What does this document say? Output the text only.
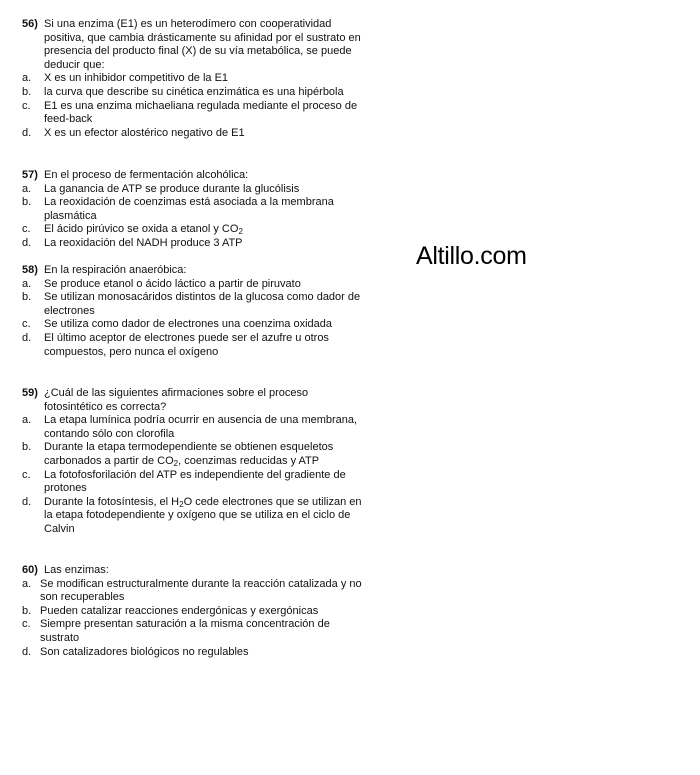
56) Si una enzima (E1) es un heterodímero con cooperatividad positiva, que cambia drásticamente su afinidad por el sustrato en presencia del producto final (X) de su vía metabólica, se puede deducir que:
a.	X es un inhibidor competitivo de la E1
b.	la curva que describe su cinética enzimática es una hipérbola
c.	E1 es una enzima michaeliana regulada mediante el proceso de feed-back
d.	X es un efector alostérico negativo de E1
57) En el proceso de fermentación alcohólica:
a.	La ganancia de ATP se produce durante la glucólisis
b.	La reoxidación de coenzimas está asociada a la membrana plasmática
c.	El ácido pirúvico se oxida a etanol y $CO_2$
d.	La reoxidación del NADH produce 3 ATP
58) En la respiración anaeróbica:
a.	Se produce etanol o ácido láctico a partir de piruvato
b.	Se utilizan monosacáridos distintos de la glucosa como dador de electrones
c.	Se utiliza como dador de electrones una coenzima oxidada
d.	El último aceptor de electrones puede ser el azufre u otros compuestos, pero nunca el oxígeno
59) ¿Cuál de las siguientes afirmaciones sobre el proceso fotosintético es correcta?
a.	La etapa lumínica podría ocurrir en ausencia de una membrana, contando sólo con clorofila
b.	Durante la etapa termodependiente se obtienen esqueletos carbonados a partir de $CO_2$, coenzimas reducidas y ATP
c.	La fotofosforilación del ATP es independiente del gradiente de protones
d.	Durante la fotosíntesis, el $H_2O$ cede electrones que se utilizan en la etapa fotodependiente y oxígeno que se utiliza en el ciclo de Calvin
60) Las enzimas:
a. Se modifican estructuralmente durante la reacción catalizada y no son recuperables
b. Pueden catalizar reacciones endergónicas y exergónicas
c. Siempre presentan saturación a la misma concentración de sustrato
d. Son catalizadores biológicos no regulables
Altillo.com
